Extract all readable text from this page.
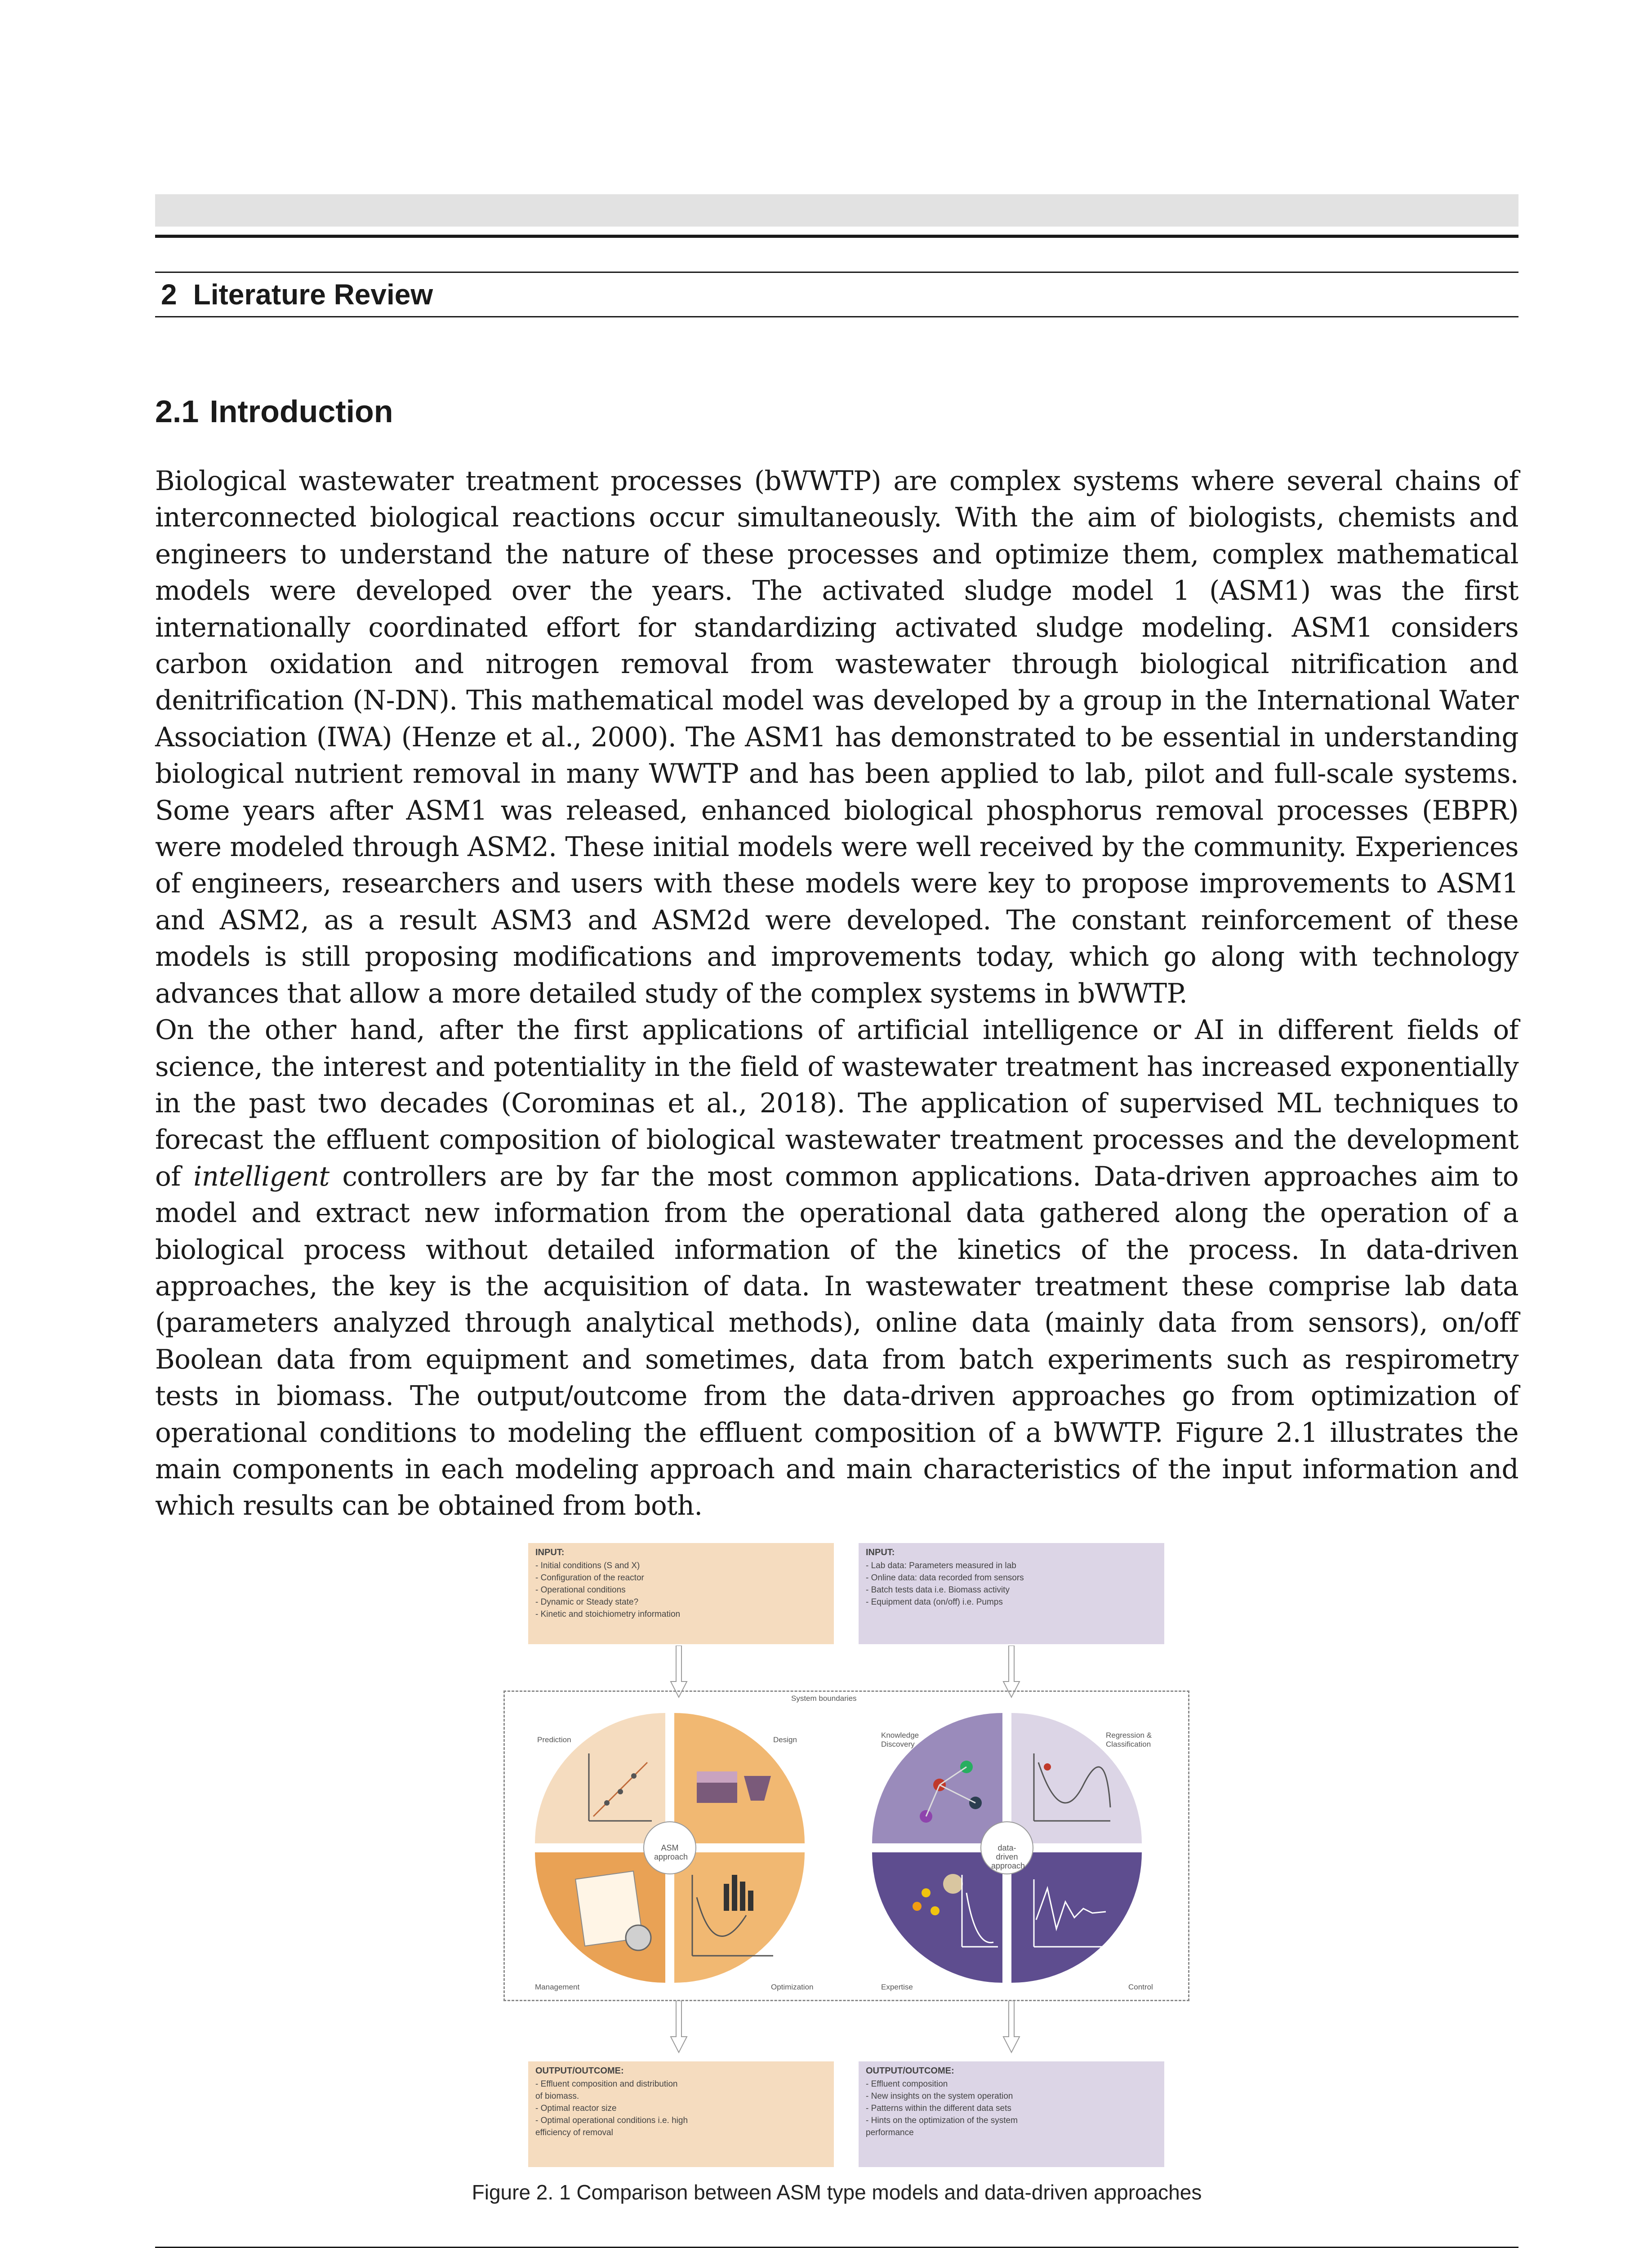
2 Literature Review
2.1 Introduction

Biological wastewater treatment processes (bWWTP) are complex systems where several chains of interconnected biological reactions occur simultaneously. With the aim of biologists, chemists and engineers to understand the nature of these processes and optimize them, complex mathematical models were developed over the years. The activated sludge model 1 (ASM1) was the first internationally coordinated effort for standardizing activated sludge modeling. ASM1 considers carbon oxidation and nitrogen removal from wastewater through biological nitrification and denitrification (N-DN). This mathematical model was developed by a group in the International Water Association (IWA) (Henze et al., 2000). The ASM1 has demonstrated to be essential in understanding biological nutrient removal in many WWTP and has been applied to lab, pilot and full-scale systems. Some years after ASM1 was released, enhanced biological phosphorus removal processes (EBPR) were modeled through ASM2. These initial models were well received by the community. Experiences of engineers, researchers and users with these models were key to propose improvements to ASM1 and ASM2, as a result ASM3 and ASM2d were developed. The constant reinforcement of these models is still proposing modifications and improvements today, which go along with technology advances that allow a more detailed study of the complex systems in bWWTP.

On the other hand, after the first applications of artificial intelligence or AI in different fields of science, the interest and potentiality in the field of wastewater treatment has increased exponentially in the past two decades (Corominas et al., 2018). The application of supervised ML techniques to forecast the effluent composition of biological wastewater treatment processes and the development of intelligent controllers are by far the most common applications. Data-driven approaches aim to model and extract new information from the operational data gathered along the operation of a biological process without detailed information of the kinetics of the process. In data-driven approaches, the key is the acquisition of data. In wastewater treatment these comprise lab data (parameters analyzed through analytical methods), online data (mainly data from sensors), on/off Boolean data from equipment and sometimes, data from batch experiments such as respirometry tests in biomass. The output/outcome from the data-driven approaches go from optimization of operational conditions to modeling the effluent composition of a bWWTP. Figure 2.1 illustrates the main components in each modeling approach and main characteristics of the input information and which results can be obtained from both.

INPUT:
- Initial conditions (S and X)
- Configuration of the reactor
- Operational conditions
- Dynamic or Steady state?
- Kinetic and stoichiometry information
INPUT:
- Lab data: Parameters measured in lab
- Online data: data recorded from sensors
- Batch tests data i.e. Biomass activity
- Equipment data (on/off) i.e. Pumps
System boundaries
ASM approach
Prediction	Design
Management	Optimization
data-driven approach
Knowledge Discovery
Regression & Classification
Expertise	Control
OUTPUT/OUTCOME:
- Effluent composition and distribution
of biomass.
- Optimal reactor size
- Optimal operational conditions i.e. high
efficiency of removal
OUTPUT/OUTCOME:
- Effluent composition
- New insights on the system operation
- Patterns within the different data sets
- Hints on the optimization of the system
performance
Figure 2. 1 Comparison between ASM type models and data-driven approaches
